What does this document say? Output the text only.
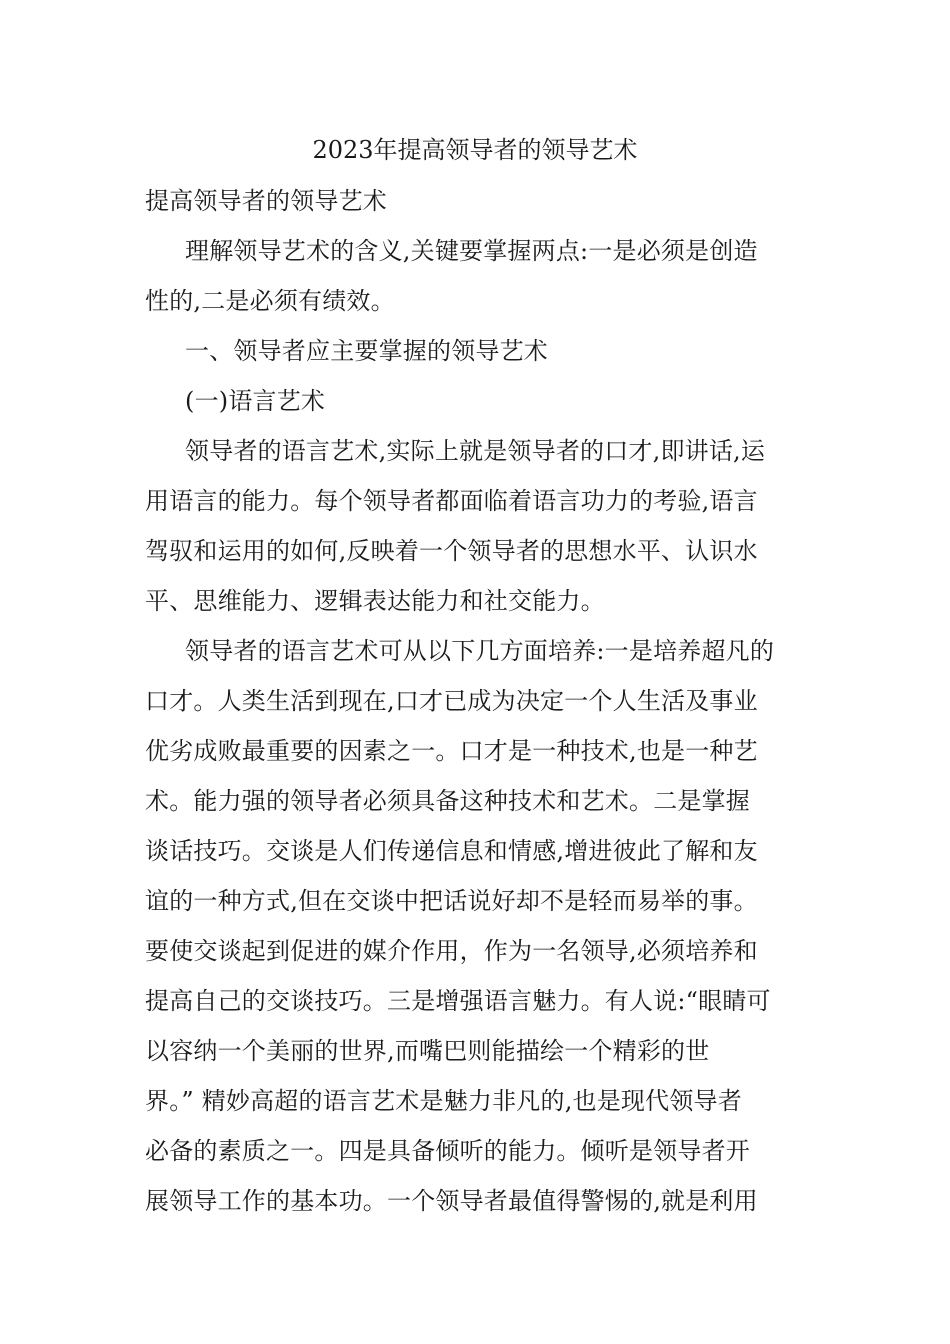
2023年提高领导者的领导艺术
提高领导者的领导艺术
理解领导艺术的含义,关键要掌握两点:一是必须是创造
性的,二是必须有绩效。
一、领导者应主要掌握的领导艺术
(一)语言艺术
领导者的语言艺术,实际上就是领导者的口才,即讲话,运
用语言的能力。每个领导者都面临着语言功力的考验,语言
驾驭和运用的如何,反映着一个领导者的思想水平、认识水
平、思维能力、逻辑表达能力和社交能力。
领导者的语言艺术可从以下几方面培养:一是培养超凡的
口才。人类生活到现在,口才已成为决定一个人生活及事业
优劣成败最重要的因素之一。口才是一种技术,也是一种艺
术。能力强的领导者必须具备这种技术和艺术。二是掌握
谈话技巧。交谈是人们传递信息和情感,增进彼此了解和友
谊的一种方式,但在交谈中把话说好却不是轻而易举的事。
要使交谈起到促进的媒介作用，作为一名领导,必须培养和
提高自己的交谈技巧。三是增强语言魅力。有人说:“眼睛可
以容纳一个美丽的世界,而嘴巴则能描绘一个精彩的世
界。” 精妙高超的语言艺术是魅力非凡的,也是现代领导者
必备的素质之一。四是具备倾听的能力。倾听是领导者开
展领导工作的基本功。一个领导者最值得警惕的,就是利用
